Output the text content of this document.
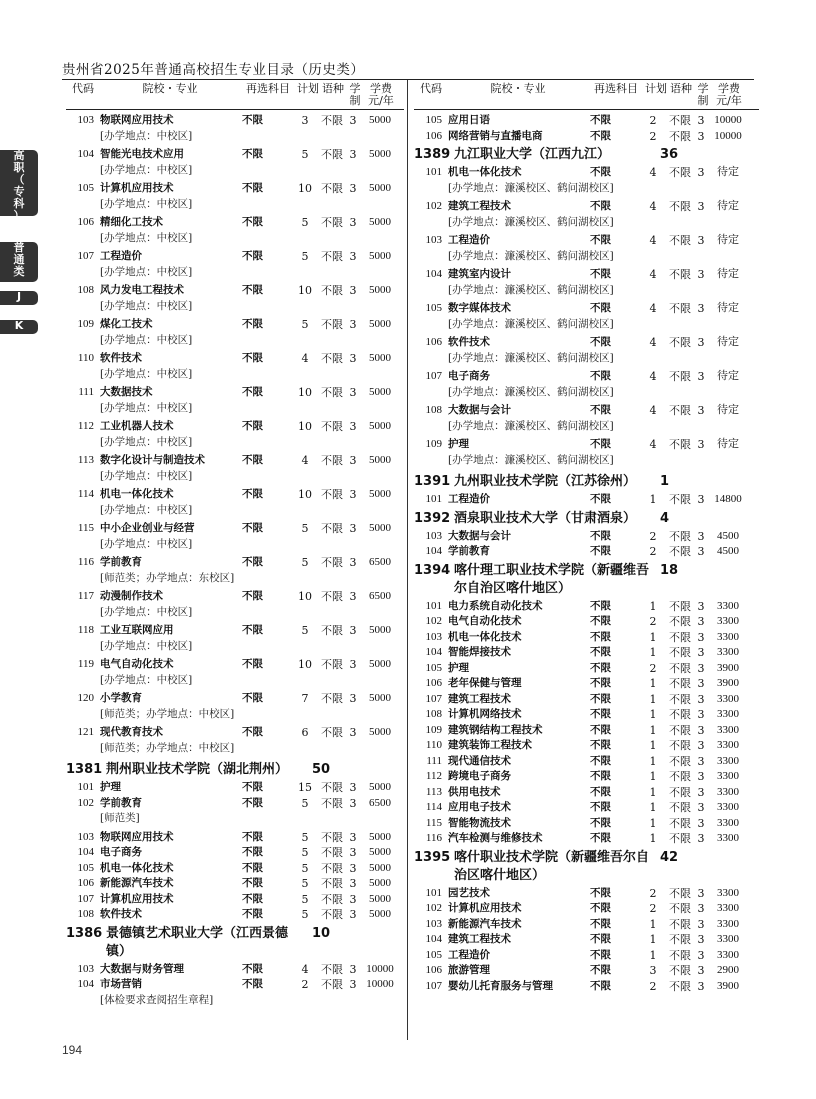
贵州省2025年普通高校招生专业目录（历史类）
高
职
（
专
科
）
普
通
类
J
K
代码	院校・专业	再选科目 计划 语种 学
制
学费
元/年
103 物联网应用技术	不限	3	不限 3	5000
[办学地点：中校区]
104 智能光电技术应用	不限	5	不限 3	5000
[办学地点：中校区]
105 计算机应用技术	不限	10 不限 3	5000
[办学地点：中校区]
106 精细化工技术	不限	5	不限 3	5000
[办学地点：中校区]
107 工程造价	不限	5	不限 3	5000
[办学地点：中校区]
108 风力发电工程技术	不限	10 不限 3	5000
[办学地点：中校区]
109 煤化工技术	不限	5	不限 3	5000
[办学地点：中校区]
110 软件技术	不限	4	不限 3	5000
[办学地点：中校区]
111 大数据技术	不限	10 不限 3	5000
[办学地点：中校区]
112 工业机器人技术	不限	10 不限 3	5000
[办学地点：中校区]
113 数字化设计与制造技术	不限	4	不限 3	5000
[办学地点：中校区]
114 机电一体化技术	不限	10 不限 3	5000
[办学地点：中校区]
115 中小企业创业与经营	不限	5	不限 3	5000
[办学地点：中校区]
116 学前教育	不限	5	不限 3	6500
[师范类；办学地点：东校区]
117 动漫制作技术	不限	10 不限 3	6500
[办学地点：中校区]
118 工业互联网应用	不限	5	不限 3	5000
[办学地点：中校区]
119 电气自动化技术	不限	10 不限 3	5000
[办学地点：中校区]
120 小学教育	不限	7	不限 3	5000
[师范类；办学地点：中校区]
121 现代教育技术	不限	6	不限 3	5000
[师范类；办学地点：中校区]
1381 荆州职业技术学院（湖北荆州）	50
101 护理	不限	15 不限 3	5000
102 学前教育	不限	5	不限 3	6500
[师范类]
103 物联网应用技术	不限	5	不限 3	5000
104 电子商务	不限	5	不限 3	5000
105 机电一体化技术	不限	5	不限 3	5000
106 新能源汽车技术	不限	5	不限 3	5000
107 计算机应用技术	不限	5	不限 3	5000
108 软件技术	不限	5	不限 3	5000
1386 景德镇艺术职业大学（江西景德镇）
10
103 大数据与财务管理	不限	4	不限 3 10000
104 市场营销	不限	2	不限 3 10000
[体检要求查阅招生章程]
代码	院校・专业	再选科目 计划 语种 学
制
学费
元/年
105 应用日语	不限	2	不限 3 10000
106 网络营销与直播电商	不限	2	不限 3 10000
1389 九江职业大学（江西九江）	36
101 机电一体化技术	不限	4	不限 3	待定
[办学地点：濂溪校区、鹤问湖校区]
102 建筑工程技术	不限	4	不限 3	待定
[办学地点：濂溪校区、鹤问湖校区]
103 工程造价	不限	4	不限 3	待定
[办学地点：濂溪校区、鹤问湖校区]
104 建筑室内设计	不限	4	不限 3	待定
[办学地点：濂溪校区、鹤问湖校区]
105 数字媒体技术	不限	4	不限 3	待定
[办学地点：濂溪校区、鹤问湖校区]
106 软件技术	不限	4	不限 3	待定
[办学地点：濂溪校区、鹤问湖校区]
107 电子商务	不限	4	不限 3	待定
[办学地点：濂溪校区、鹤问湖校区]
108 大数据与会计	不限	4	不限 3	待定
[办学地点：濂溪校区、鹤问湖校区]
109 护理	不限	4	不限 3	待定
[办学地点：濂溪校区、鹤问湖校区]
1391 九州职业技术学院（江苏徐州）	1
101 工程造价	不限	1	不限 3 14800
1392 酒泉职业技术大学（甘肃酒泉）	4
103 大数据与会计	不限	2	不限 3	4500
104 学前教育	不限	2	不限 3	4500
1394 喀什理工职业技术学院（新疆维吾尔自治区喀什地区）
18
101 电力系统自动化技术	不限	1	不限 3	3300
102 电气自动化技术	不限	2	不限 3	3300
103 机电一体化技术	不限	1	不限 3	3300
104 智能焊接技术	不限	1	不限 3	3300
105 护理	不限	2	不限 3	3900
106 老年保健与管理	不限	1	不限 3	3900
107 建筑工程技术	不限	1	不限 3	3300
108 计算机网络技术	不限	1	不限 3	3300
109 建筑钢结构工程技术	不限	1	不限 3	3300
110 建筑装饰工程技术	不限	1	不限 3	3300
111 现代通信技术	不限	1	不限 3	3300
112 跨境电子商务	不限	1	不限 3	3300
113 供用电技术	不限	1	不限 3	3300
114 应用电子技术	不限	1	不限 3	3300
115 智能物流技术	不限	1	不限 3	3300
116 汽车检测与维修技术	不限	1	不限 3	3300
1395 喀什职业技术学院（新疆维吾尔自治区喀什地区）
42
101 园艺技术	不限	2	不限 3	3300
102 计算机应用技术	不限	2	不限 3	3300
103 新能源汽车技术	不限	1	不限 3	3300
104 建筑工程技术	不限	1	不限 3	3300
105 工程造价	不限	1	不限 3	3300
106 旅游管理	不限	3	不限 3	2900
107 婴幼儿托育服务与管理	不限	2	不限 3	3900
194
